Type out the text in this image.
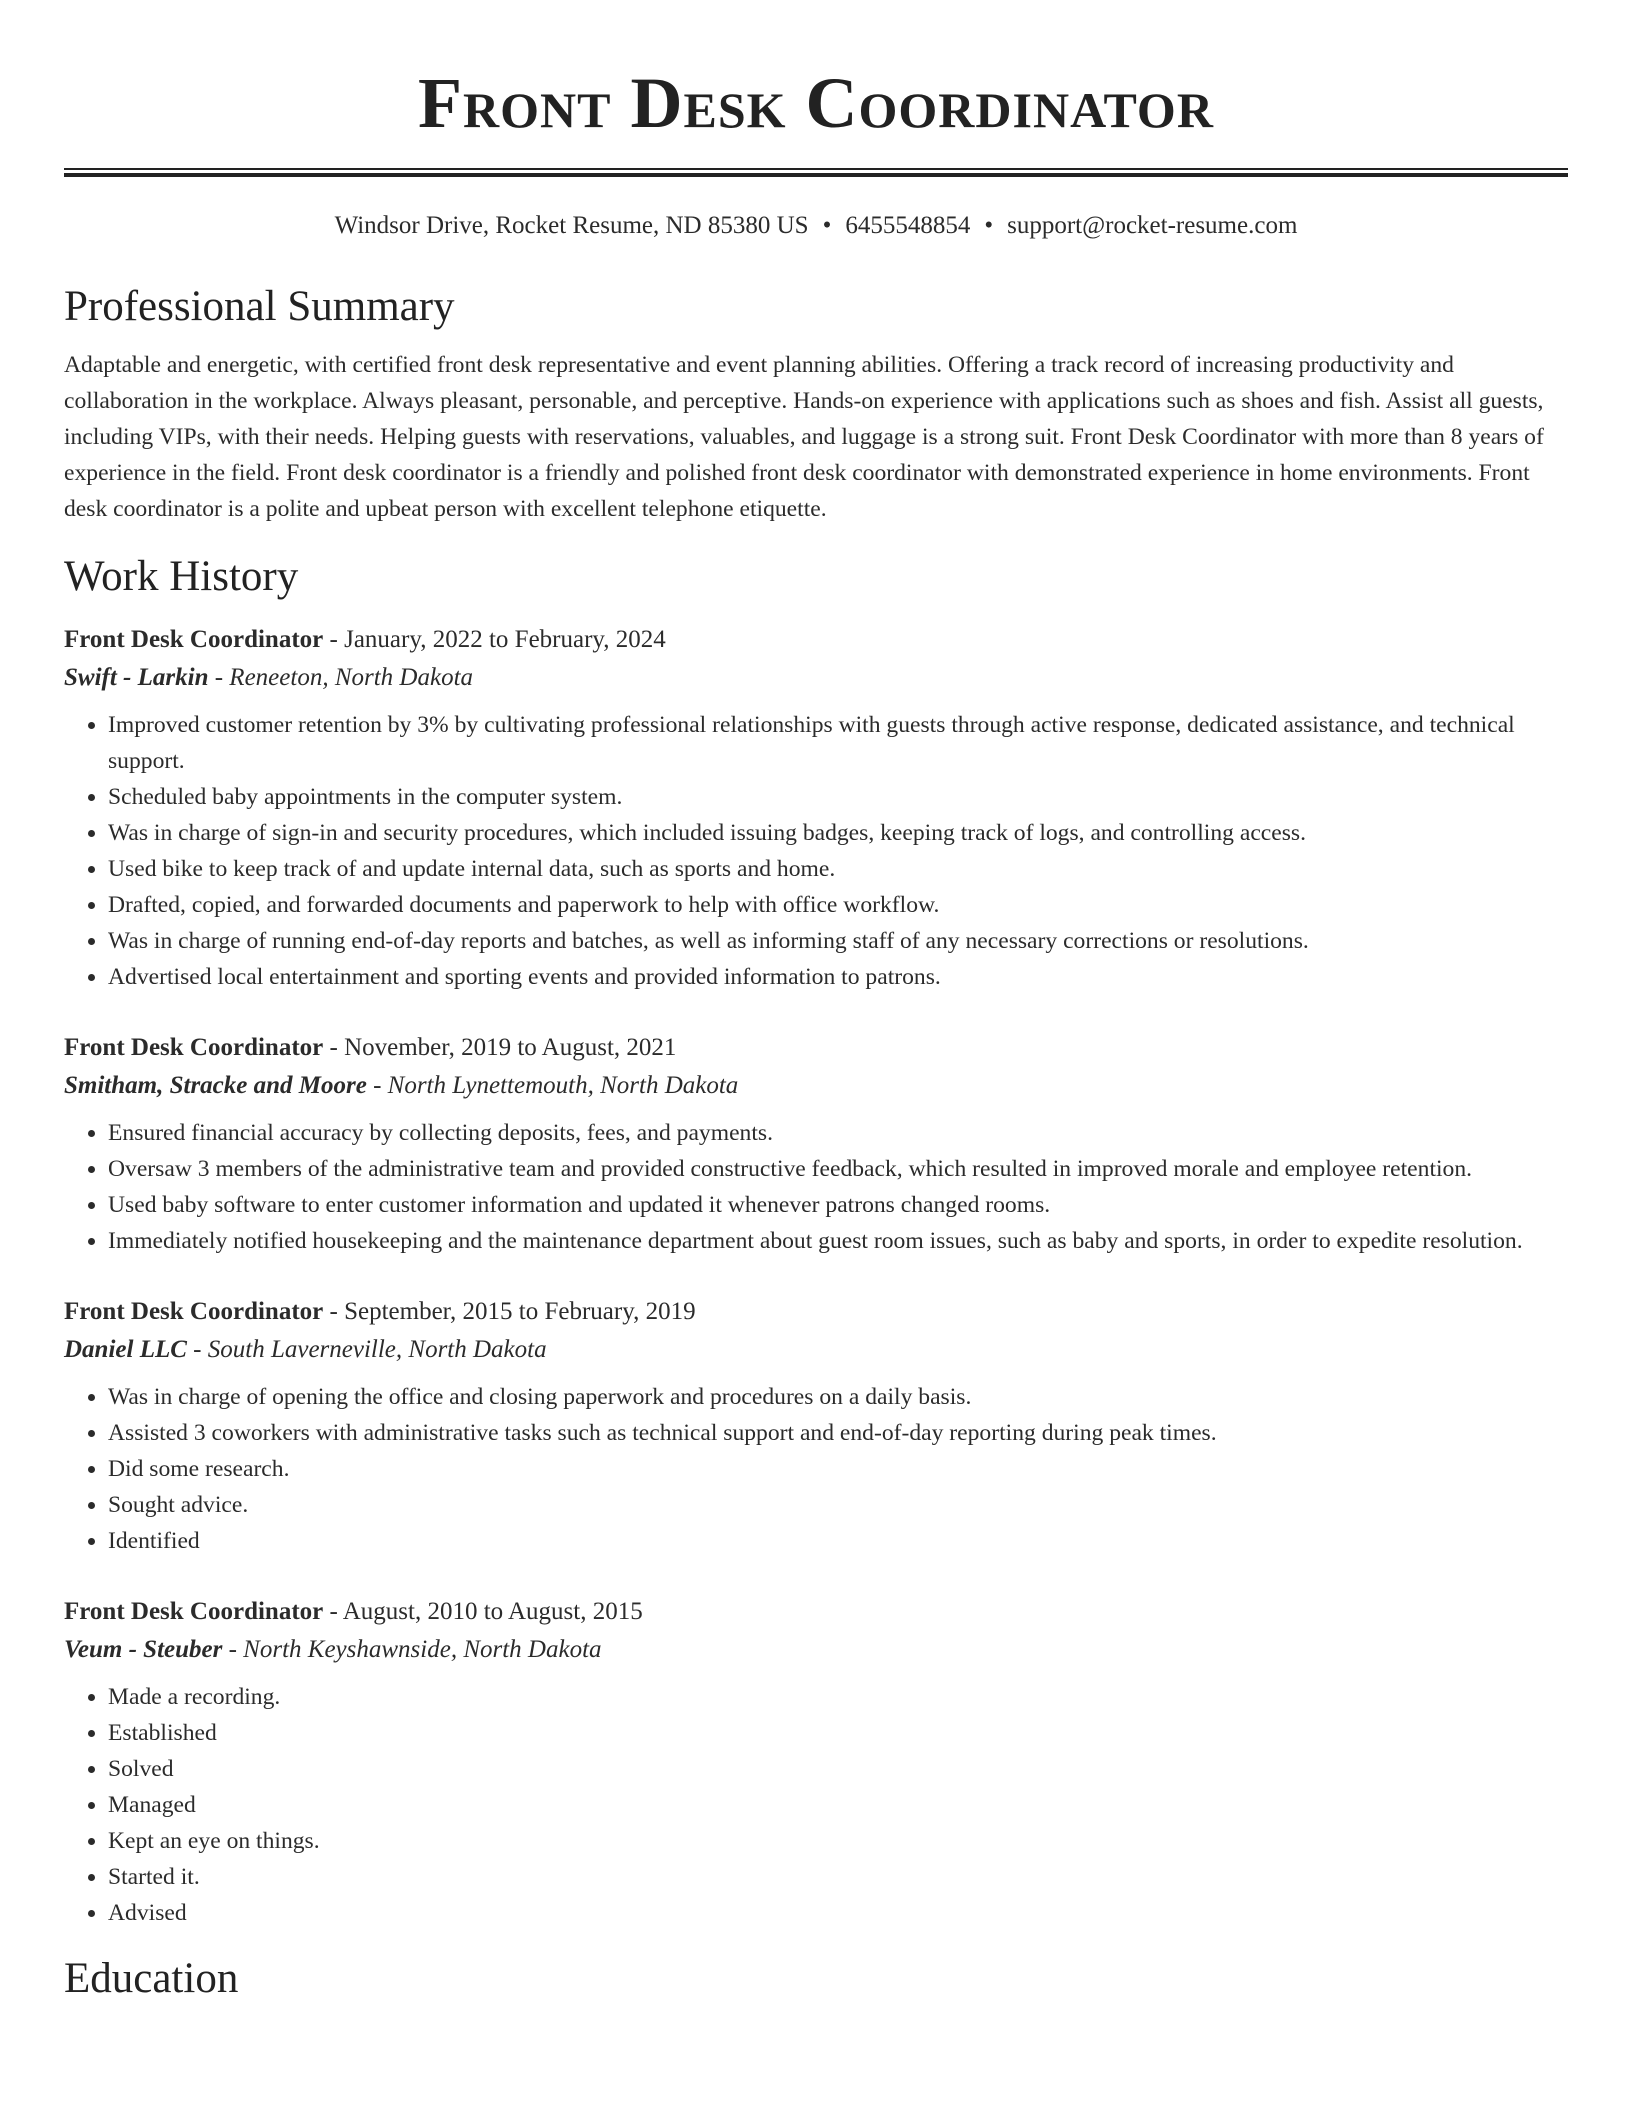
Front Desk Coordinator
Windsor Drive, Rocket Resume, ND 85380 US • 6455548854 • support@rocket-resume.com
Professional Summary

Adaptable and energetic, with certified front desk representative and event planning abilities. Offering a track record of increasing productivity and collaboration in the workplace. Always pleasant, personable, and perceptive. Hands-on experience with applications such as shoes and fish. Assist all guests, including VIPs, with their needs. Helping guests with reservations, valuables, and luggage is a strong suit. Front Desk Coordinator with more than 8 years of experience in the field. Front desk coordinator is a friendly and polished front desk coordinator with demonstrated experience in home environments. Front desk coordinator is a polite and upbeat person with excellent telephone etiquette.

Work History
Front Desk Coordinator - January, 2022 to February, 2024
Swift - Larkin - Reneeton, North Dakota
• Improved customer retention by 3% by cultivating professional relationships with guests through active response, dedicated assistance, and technical support.
• Scheduled baby appointments in the computer system.
• Was in charge of sign-in and security procedures, which included issuing badges, keeping track of logs, and controlling access.
• Used bike to keep track of and update internal data, such as sports and home.
• Drafted, copied, and forwarded documents and paperwork to help with office workflow.
• Was in charge of running end-of-day reports and batches, as well as informing staff of any necessary corrections or resolutions.
• Advertised local entertainment and sporting events and provided information to patrons.
Front Desk Coordinator - November, 2019 to August, 2021
Smitham, Stracke and Moore - North Lynettemouth, North Dakota
• Ensured financial accuracy by collecting deposits, fees, and payments.
• Oversaw 3 members of the administrative team and provided constructive feedback, which resulted in improved morale and employee retention.
• Used baby software to enter customer information and updated it whenever patrons changed rooms.
• Immediately notified housekeeping and the maintenance department about guest room issues, such as baby and sports, in order to expedite resolution.
Front Desk Coordinator - September, 2015 to February, 2019
Daniel LLC - South Laverneville, North Dakota
• Was in charge of opening the office and closing paperwork and procedures on a daily basis.
• Assisted 3 coworkers with administrative tasks such as technical support and end-of-day reporting during peak times.
• Did some research.
• Sought advice.
• Identified
Front Desk Coordinator - August, 2010 to August, 2015
Veum - Steuber - North Keyshawnside, North Dakota
• Made a recording.
• Established
• Solved
• Managed
• Kept an eye on things.
• Started it.
• Advised
Education
